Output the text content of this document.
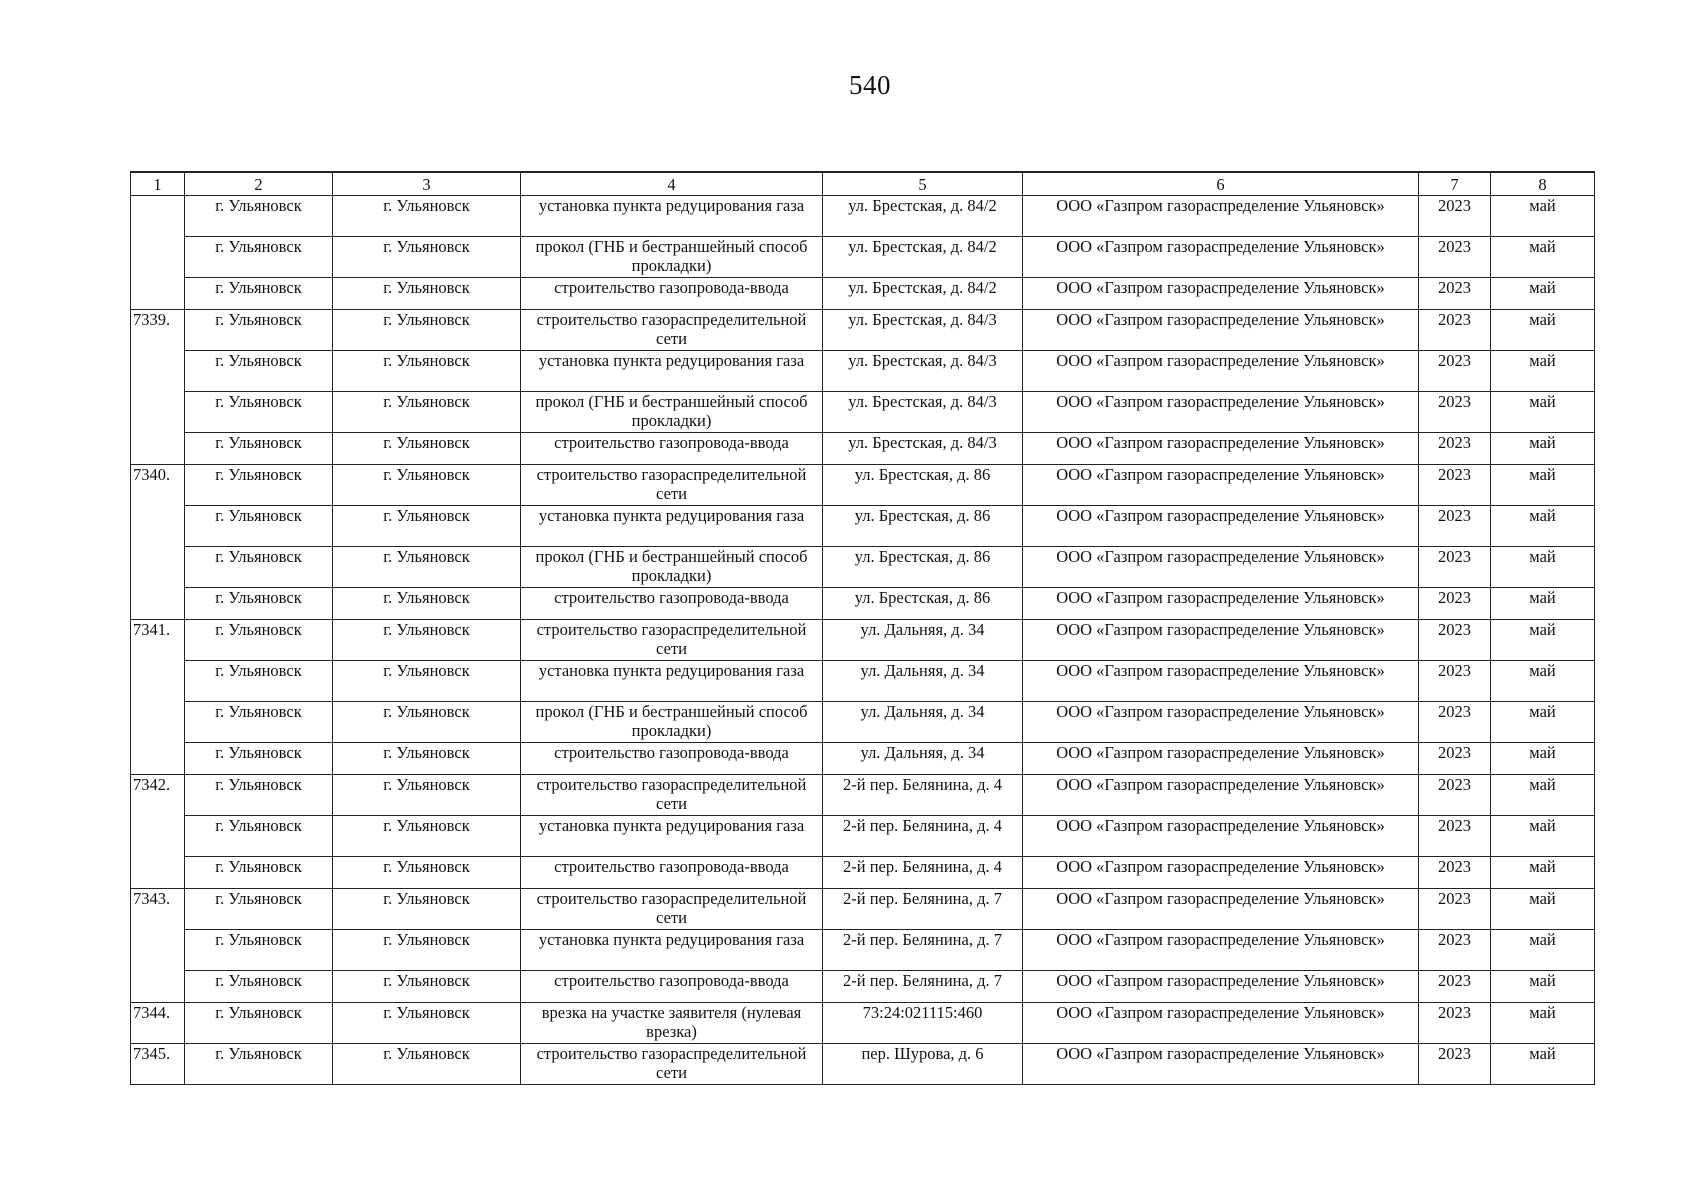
540
1	2	3	4	5	6	7	8
	г. Ульяновск	г. Ульяновск	установка пункта редуцирования газа	ул. Брестская, д. 84/2	ООО «Газпром газораспределение Ульяновск»	2023	май
	г. Ульяновск	г. Ульяновск	прокол (ГНБ и бестраншейный способ прокладки)	ул. Брестская, д. 84/2	ООО «Газпром газораспределение Ульяновск»	2023	май
	г. Ульяновск	г. Ульяновск	строительство газопровода-ввода	ул. Брестская, д. 84/2	ООО «Газпром газораспределение Ульяновск»	2023	май
7339.	г. Ульяновск	г. Ульяновск	строительство газораспределительной сети	ул. Брестская, д. 84/3	ООО «Газпром газораспределение Ульяновск»	2023	май
	г. Ульяновск	г. Ульяновск	установка пункта редуцирования газа	ул. Брестская, д. 84/3	ООО «Газпром газораспределение Ульяновск»	2023	май
	г. Ульяновск	г. Ульяновск	прокол (ГНБ и бестраншейный способ прокладки)	ул. Брестская, д. 84/3	ООО «Газпром газораспределение Ульяновск»	2023	май
	г. Ульяновск	г. Ульяновск	строительство газопровода-ввода	ул. Брестская, д. 84/3	ООО «Газпром газораспределение Ульяновск»	2023	май
7340.	г. Ульяновск	г. Ульяновск	строительство газораспределительной сети	ул. Брестская, д. 86	ООО «Газпром газораспределение Ульяновск»	2023	май
	г. Ульяновск	г. Ульяновск	установка пункта редуцирования газа	ул. Брестская, д. 86	ООО «Газпром газораспределение Ульяновск»	2023	май
	г. Ульяновск	г. Ульяновск	прокол (ГНБ и бестраншейный способ прокладки)	ул. Брестская, д. 86	ООО «Газпром газораспределение Ульяновск»	2023	май
	г. Ульяновск	г. Ульяновск	строительство газопровода-ввода	ул. Брестская, д. 86	ООО «Газпром газораспределение Ульяновск»	2023	май
7341.	г. Ульяновск	г. Ульяновск	строительство газораспределительной сети	ул. Дальняя, д. 34	ООО «Газпром газораспределение Ульяновск»	2023	май
	г. Ульяновск	г. Ульяновск	установка пункта редуцирования газа	ул. Дальняя, д. 34	ООО «Газпром газораспределение Ульяновск»	2023	май
	г. Ульяновск	г. Ульяновск	прокол (ГНБ и бестраншейный способ прокладки)	ул. Дальняя, д. 34	ООО «Газпром газораспределение Ульяновск»	2023	май
	г. Ульяновск	г. Ульяновск	строительство газопровода-ввода	ул. Дальняя, д. 34	ООО «Газпром газораспределение Ульяновск»	2023	май
7342.	г. Ульяновск	г. Ульяновск	строительство газораспределительной сети	2-й пер. Белянина, д. 4	ООО «Газпром газораспределение Ульяновск»	2023	май
	г. Ульяновск	г. Ульяновск	установка пункта редуцирования газа	2-й пер. Белянина, д. 4	ООО «Газпром газораспределение Ульяновск»	2023	май
	г. Ульяновск	г. Ульяновск	строительство газопровода-ввода	2-й пер. Белянина, д. 4	ООО «Газпром газораспределение Ульяновск»	2023	май
7343.	г. Ульяновск	г. Ульяновск	строительство газораспределительной сети	2-й пер. Белянина, д. 7	ООО «Газпром газораспределение Ульяновск»	2023	май
	г. Ульяновск	г. Ульяновск	установка пункта редуцирования газа	2-й пер. Белянина, д. 7	ООО «Газпром газораспределение Ульяновск»	2023	май
	г. Ульяновск	г. Ульяновск	строительство газопровода-ввода	2-й пер. Белянина, д. 7	ООО «Газпром газораспределение Ульяновск»	2023	май
7344.	г. Ульяновск	г. Ульяновск	врезка на участке заявителя (нулевая врезка)	73:24:021115:460	ООО «Газпром газораспределение Ульяновск»	2023	май
7345.	г. Ульяновск	г. Ульяновск	строительство газораспределительной сети	пер. Шурова, д. 6	ООО «Газпром газораспределение Ульяновск»	2023	май
